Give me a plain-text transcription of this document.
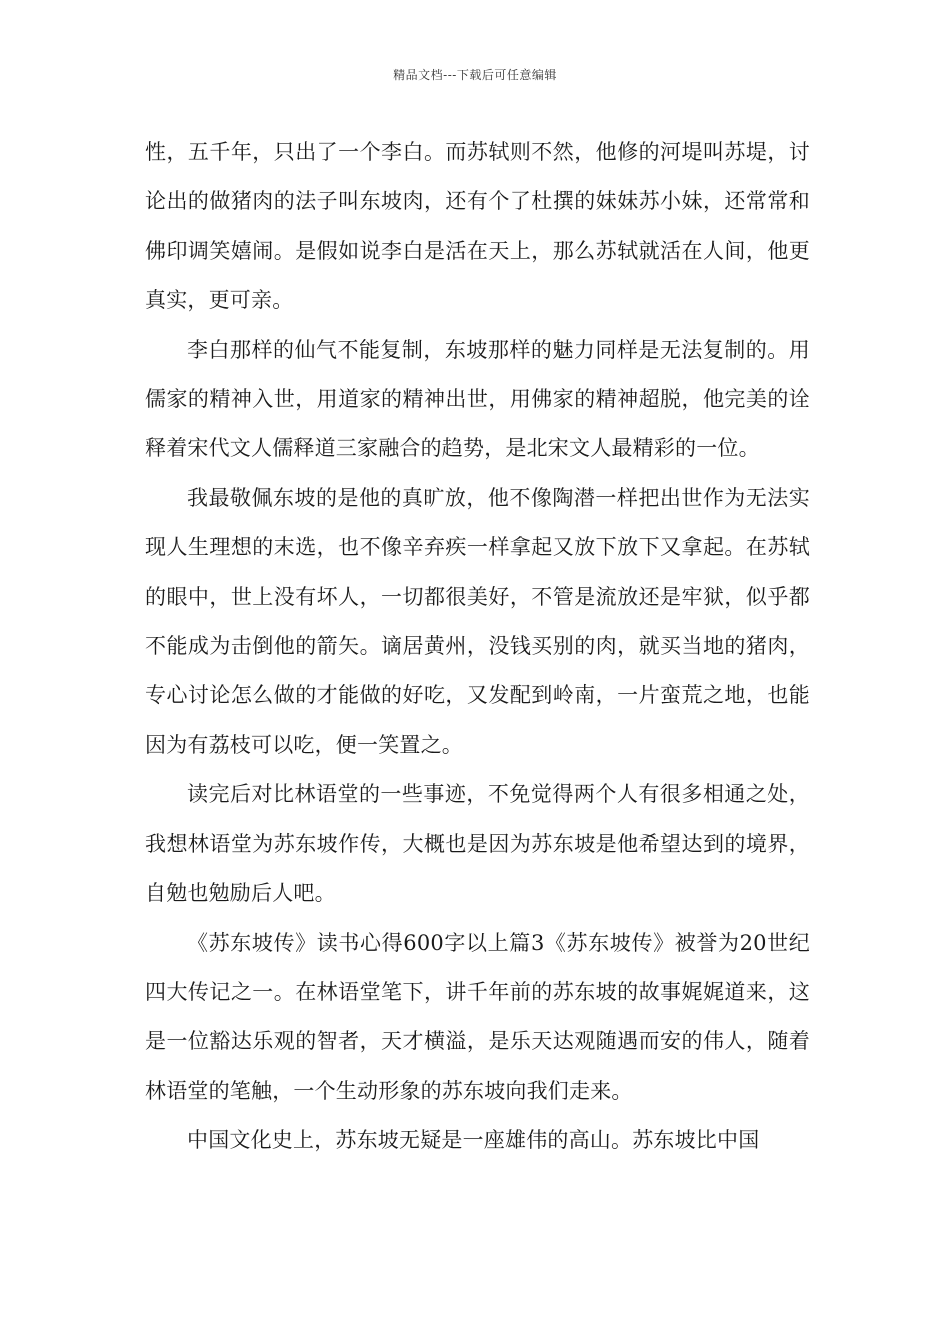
精品文档---下载后可任意编辑

性，五千年，只出了一个李白。而苏轼则不然，他修的河堤叫苏堤，讨论出的做猪肉的法子叫东坡肉，还有个了杜撰的妹妹苏小妹，还常常和佛印调笑嬉闹。是假如说李白是活在天上，那么苏轼就活在人间，他更真实，更可亲。

李白那样的仙气不能复制，东坡那样的魅力同样是无法复制的。用儒家的精神入世，用道家的精神出世，用佛家的精神超脱，他完美的诠释着宋代文人儒释道三家融合的趋势，是北宋文人最精彩的一位。

我最敬佩东坡的是他的真旷放，他不像陶潜一样把出世作为无法实现人生理想的末选，也不像辛弃疾一样拿起又放下放下又拿起。在苏轼的眼中，世上没有坏人，一切都很美好，不管是流放还是牢狱，似乎都不能成为击倒他的箭矢。谪居黄州，没钱买别的肉，就买当地的猪肉，专心讨论怎么做的才能做的好吃，又发配到岭南，一片蛮荒之地，也能因为有荔枝可以吃，便一笑置之。

读完后对比林语堂的一些事迹，不免觉得两个人有很多相通之处，我想林语堂为苏东坡作传，大概也是因为苏东坡是他希望达到的境界，自勉也勉励后人吧。

《苏东坡传》读书心得600字以上篇3《苏东坡传》被誉为20世纪四大传记之一。在林语堂笔下，讲千年前的苏东坡的故事娓娓道来，这是一位豁达乐观的智者，天才横溢，是乐天达观随遇而安的伟人，随着林语堂的笔触，一个生动形象的苏东坡向我们走来。

中国文化史上，苏东坡无疑是一座雄伟的高山。苏东坡比中国
